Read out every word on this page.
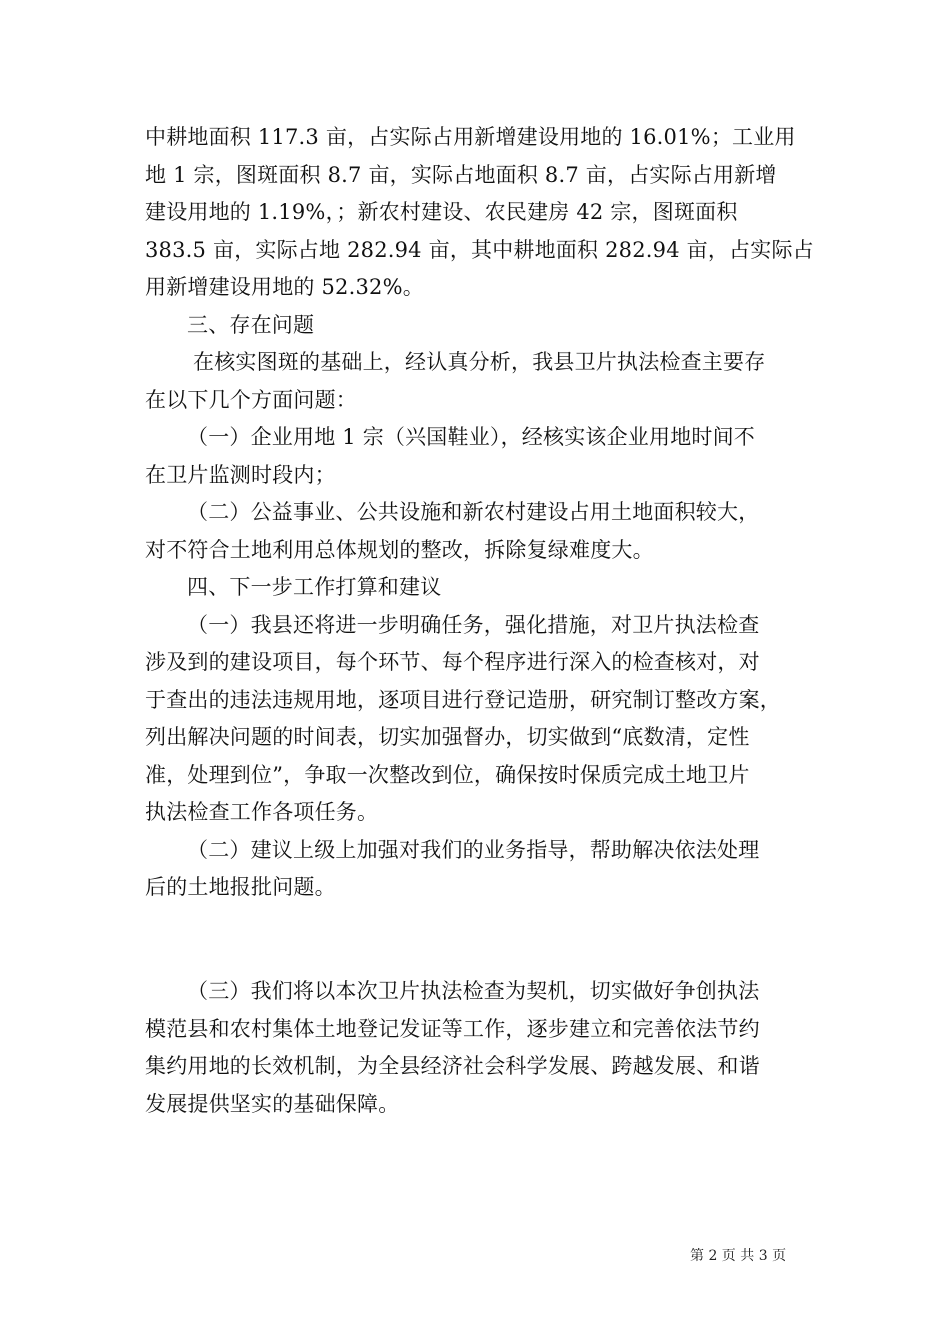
中耕地面积 117.3 亩，占实际占用新增建设用地的 16.01%；工业用
地 1 宗，图斑面积 8.7 亩，实际占地面积 8.7 亩，占实际占用新增
建设用地的 1.19%，；新农村建设、农民建房 42 宗，图斑面积
383.5 亩，实际占地 282.94 亩，其中耕地面积 282.94 亩，占实际占
用新增建设用地的 52.32%。
三、存在问题
在核实图斑的基础上，经认真分析，我县卫片执法检查主要存
在以下几个方面问题：
（一）企业用地 1 宗（兴国鞋业），经核实该企业用地时间不
在卫片监测时段内；
（二）公益事业、公共设施和新农村建设占用土地面积较大，
对不符合土地利用总体规划的整改，拆除复绿难度大。
四、下一步工作打算和建议
（一）我县还将进一步明确任务，强化措施，对卫片执法检查
涉及到的建设项目，每个环节、每个程序进行深入的检查核对，对
于查出的违法违规用地，逐项目进行登记造册，研究制订整改方案，
列出解决问题的时间表，切实加强督办，切实做到“底数清，定性
准，处理到位”，争取一次整改到位，确保按时保质完成土地卫片
执法检查工作各项任务。
（二）建议上级上加强对我们的业务指导，帮助解决依法处理
后的土地报批问题。
（三）我们将以本次卫片执法检查为契机，切实做好争创执法
模范县和农村集体土地登记发证等工作，逐步建立和完善依法节约
集约用地的长效机制，为全县经济社会科学发展、跨越发展、和谐
发展提供坚实的基础保障。
第 2 页 共 3 页
